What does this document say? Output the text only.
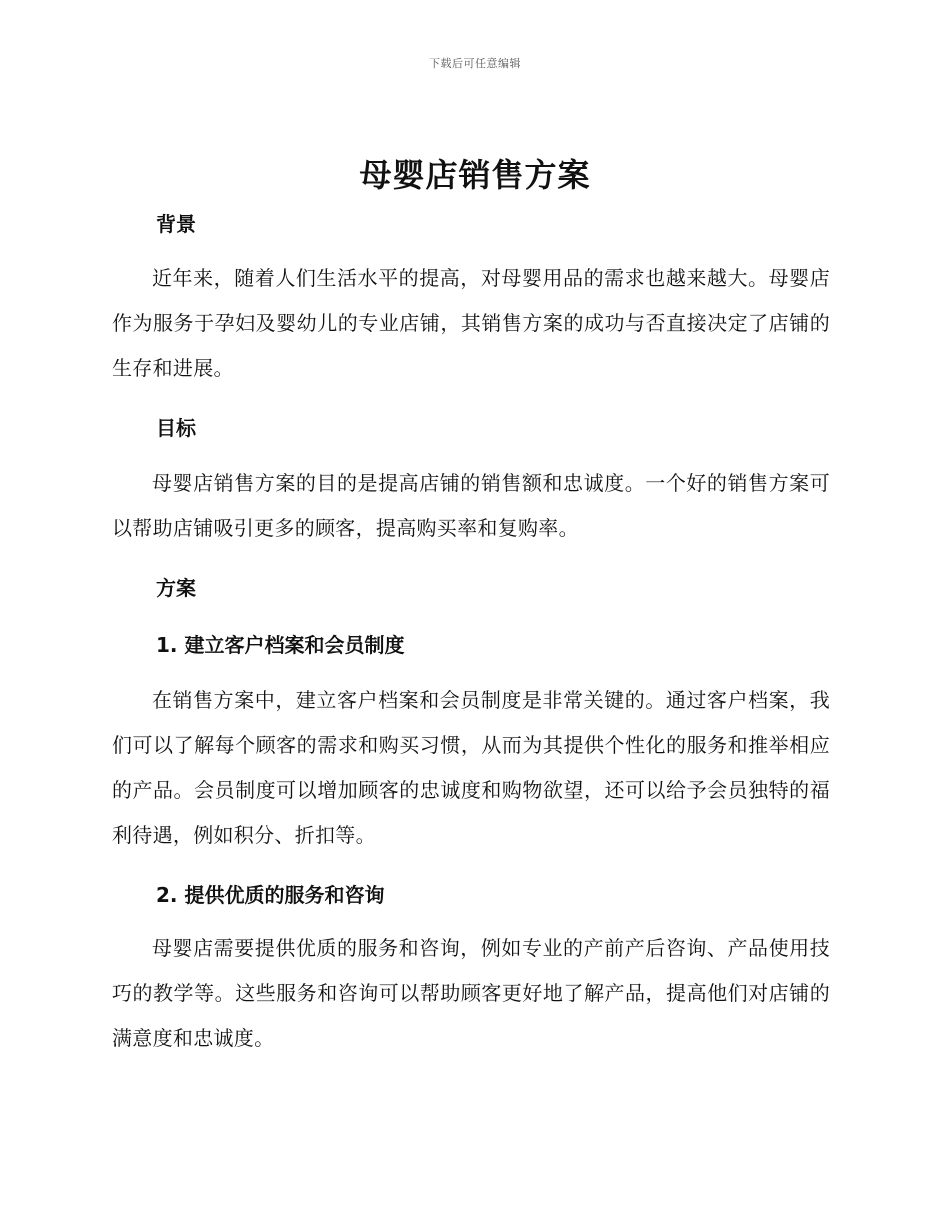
下载后可任意编辑
母婴店销售方案
背景

近年来，随着人们生活水平的提高，对母婴用品的需求也越来越大。母婴店作为服务于孕妇及婴幼儿的专业店铺，其销售方案的成功与否直接决定了店铺的生存和进展。

目标

母婴店销售方案的目的是提高店铺的销售额和忠诚度。一个好的销售方案可以帮助店铺吸引更多的顾客，提高购买率和复购率。

方案
1. 建立客户档案和会员制度

在销售方案中，建立客户档案和会员制度是非常关键的。通过客户档案，我们可以了解每个顾客的需求和购买习惯，从而为其提供个性化的服务和推举相应的产品。会员制度可以增加顾客的忠诚度和购物欲望，还可以给予会员独特的福利待遇，例如积分、折扣等。

2. 提供优质的服务和咨询

母婴店需要提供优质的服务和咨询，例如专业的产前产后咨询、产品使用技巧的教学等。这些服务和咨询可以帮助顾客更好地了解产品，提高他们对店铺的满意度和忠诚度。
